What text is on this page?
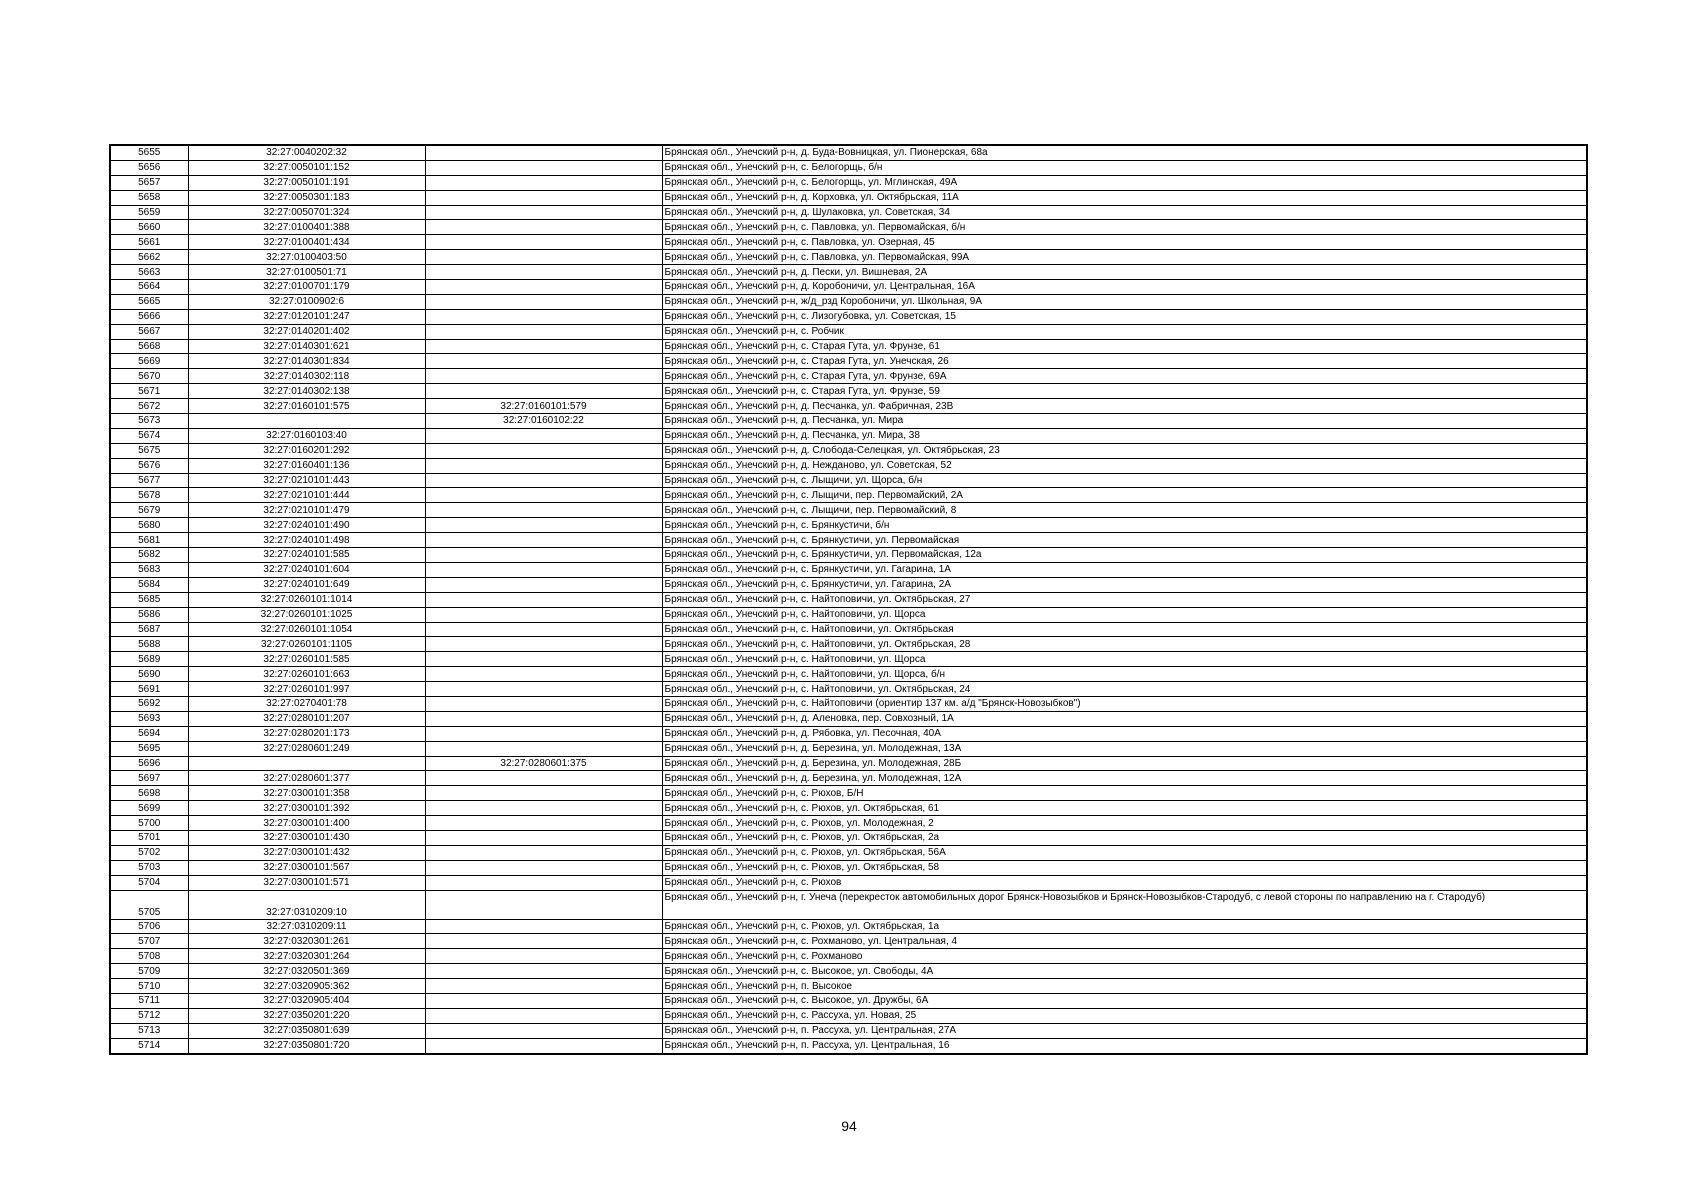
5655	32:27:0040202:32		Брянская обл., Унечский р-н, д. Буда-Вовницкая, ул. Пионерская, 68а
5656	32:27:0050101:152		Брянская обл., Унечский р-н, с. Белогорщь, б/н
5657	32:27:0050101:191		Брянская обл., Унечский р-н, с. Белогорщь, ул. Мглинская, 49А
5658	32:27:0050301:183		Брянская обл., Унечский р-н, д. Корховка, ул. Октябрьская, 11А
5659	32:27:0050701:324		Брянская обл., Унечский р-н, д. Шулаковка, ул. Советская, 34
5660	32:27:0100401:388		Брянская обл., Унечский р-н, с. Павловка, ул. Первомайская, б/н
5661	32:27:0100401:434		Брянская обл., Унечский р-н, с. Павловка, ул. Озерная, 45
5662	32:27:0100403:50		Брянская обл., Унечский р-н, с. Павловка, ул. Первомайская, 99А
5663	32:27:0100501:71		Брянская обл., Унечский р-н, д. Пески, ул. Вишневая, 2А
5664	32:27:0100701:179		Брянская обл., Унечский р-н, д. Коробоничи, ул. Центральная, 16А
5665	32:27:0100902:6		Брянская обл., Унечский р-н, ж/д_рзд Коробоничи, ул. Школьная, 9А
5666	32:27:0120101:247		Брянская обл., Унечский р-н, с. Лизогубовка, ул. Советская, 15
5667	32:27:0140201:402		Брянская обл., Унечский р-н, с. Робчик
5668	32:27:0140301:621		Брянская обл., Унечский р-н, с. Старая Гута, ул. Фрунзе, 61
5669	32:27:0140301:834		Брянская обл., Унечский р-н, с. Старая Гута, ул. Унечская, 26
5670	32:27:0140302:118		Брянская обл., Унечский р-н, с. Старая Гута, ул. Фрунзе, 69А
5671	32:27:0140302:138		Брянская обл., Унечский р-н, с. Старая Гута, ул. Фрунзе, 59
5672	32:27:0160101:575	32:27:0160101:579	Брянская обл., Унечский р-н, д. Песчанка, ул. Фабричная, 23В
5673		32:27:0160102:22	Брянская обл., Унечский р-н, д. Песчанка, ул. Мира
5674	32:27:0160103:40		Брянская обл., Унечский р-н, д. Песчанка, ул. Мира, 38
5675	32:27:0160201:292		Брянская обл., Унечский р-н, д. Слобода-Селецкая, ул. Октябрьская, 23
5676	32:27:0160401:136		Брянская обл., Унечский р-н, д. Нежданово, ул. Советская, 52
5677	32:27:0210101:443		Брянская обл., Унечский р-н, с. Лыщичи, ул. Щорса, б/н
5678	32:27:0210101:444		Брянская обл., Унечский р-н, с. Лыщичи, пер. Первомайский, 2А
5679	32:27:0210101:479		Брянская обл., Унечский р-н, с. Лыщичи, пер. Первомайский, 8
5680	32:27:0240101:490		Брянская обл., Унечский р-н, с. Брянкустичи, б/н
5681	32:27:0240101:498		Брянская обл., Унечский р-н, с. Брянкустичи, ул. Первомайская
5682	32:27:0240101:585		Брянская обл., Унечский р-н, с. Брянкустичи, ул. Первомайская, 12а
5683	32:27:0240101:604		Брянская обл., Унечский р-н, с. Брянкустичи, ул. Гагарина, 1А
5684	32:27:0240101:649		Брянская обл., Унечский р-н, с. Брянкустичи, ул. Гагарина, 2А
5685	32:27:0260101:1014		Брянская обл., Унечский р-н, с. Найтоповичи, ул. Октябрьская, 27
5686	32:27:0260101:1025		Брянская обл., Унечский р-н, с. Найтоповичи, ул. Щорса
5687	32:27:0260101:1054		Брянская обл., Унечский р-н, с. Найтоповичи, ул. Октябрьская
5688	32:27:0260101:1105		Брянская обл., Унечский р-н, с. Найтоповичи, ул. Октябрьская, 28
5689	32:27:0260101:585		Брянская обл., Унечский р-н, с. Найтоповичи, ул. Щорса
5690	32:27:0260101:663		Брянская обл., Унечский р-н, с. Найтоповичи, ул. Щорса, б/н
5691	32:27:0260101:997		Брянская обл., Унечский р-н, с. Найтоповичи, ул. Октябрьская, 24
5692	32:27:0270401:78		Брянская обл., Унечский р-н, с. Найтоповичи (ориентир 137 км. а/д "Брянск-Новозыбков")
5693	32:27:0280101:207		Брянская обл., Унечский р-н, д. Аленовка, пер. Совхозный, 1А
5694	32:27:0280201:173		Брянская обл., Унечский р-н, д. Рябовка, ул. Песочная, 40А
5695	32:27:0280601:249		Брянская обл., Унечский р-н, д. Березина, ул. Молодежная, 13А
5696		32:27:0280601:375	Брянская обл., Унечский р-н, д. Березина, ул. Молодежная, 28Б
5697	32:27:0280601:377		Брянская обл., Унечский р-н, д. Березина, ул. Молодежная, 12А
5698	32:27:0300101:358		Брянская обл., Унечский р-н, с. Рюхов, Б/Н
5699	32:27:0300101:392		Брянская обл., Унечский р-н, с. Рюхов, ул. Октябрьская, 61
5700	32:27:0300101:400		Брянская обл., Унечский р-н, с. Рюхов, ул. Молодежная, 2
5701	32:27:0300101:430		Брянская обл., Унечский р-н, с. Рюхов, ул. Октябрьская, 2а
5702	32:27:0300101:432		Брянская обл., Унечский р-н, с. Рюхов, ул. Октябрьская, 56А
5703	32:27:0300101:567		Брянская обл., Унечский р-н, с. Рюхов, ул. Октябрьская, 58
5704	32:27:0300101:571		Брянская обл., Унечский р-н, с. Рюхов
5705	32:27:0310209:10		Брянская обл., Унечский р-н, г. Унеча (перекресток автомобильных дорог Брянск-Новозыбков и Брянск-Новозыбков-Стародуб, с левой стороны по направлению на г. Стародуб)
5706	32:27:0310209:11		Брянская обл., Унечский р-н, с. Рюхов, ул. Октябрьская, 1а
5707	32:27:0320301:261		Брянская обл., Унечский р-н, с. Рохманово, ул. Центральная, 4
5708	32:27:0320301:264		Брянская обл., Унечский р-н, с. Рохманово
5709	32:27:0320501:369		Брянская обл., Унечский р-н, с. Высокое, ул. Свободы, 4А
5710	32:27:0320905:362		Брянская обл., Унечский р-н, п. Высокое
5711	32:27:0320905:404		Брянская обл., Унечский р-н, с. Высокое, ул. Дружбы, 6А
5712	32:27:0350201:220		Брянская обл., Унечский р-н, с. Рассуха, ул. Новая, 25
5713	32:27:0350801:639		Брянская обл., Унечский р-н, п. Рассуха, ул. Центральная, 27А
5714	32:27:0350801:720		Брянская обл., Унечский р-н, п. Рассуха, ул. Центральная, 16
94
